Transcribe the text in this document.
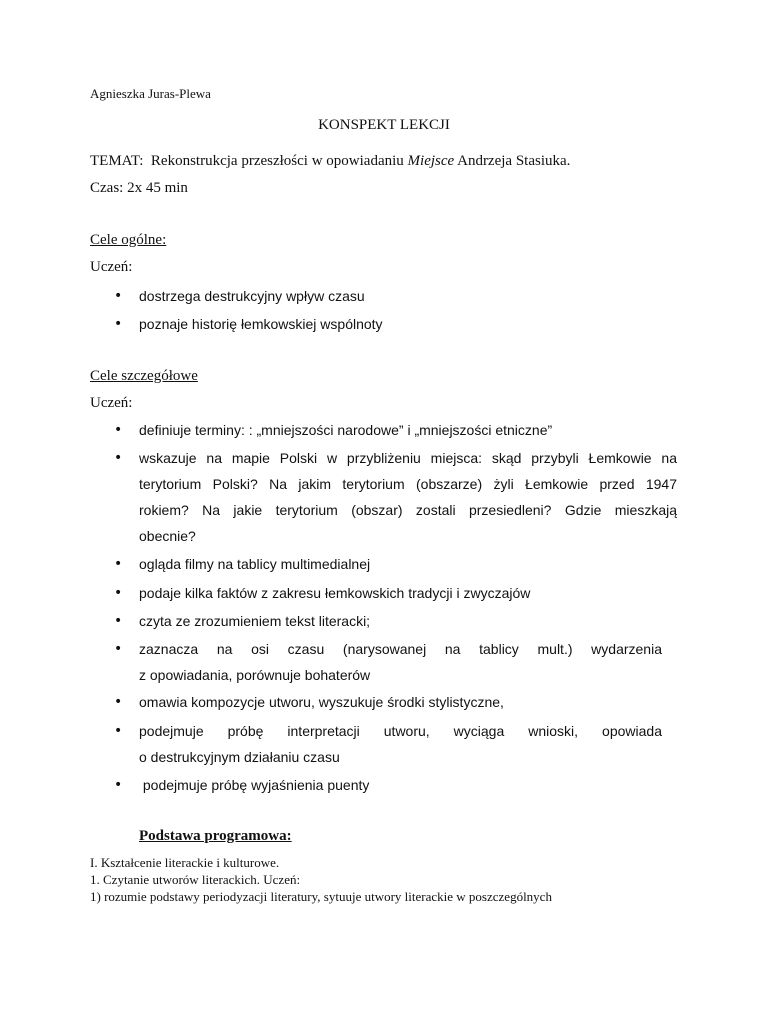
Agnieszka Juras-Plewa
KONSPEKT LEKCJI
TEMAT: Rekonstrukcja przeszłości w opowiadaniu Miejsce Andrzeja Stasiuka.
Czas: 2x 45 min
Cele ogólne:
Uczeń:
• dostrzega destrukcyjny wpływ czasu
• poznaje historię łemkowskiej wspólnoty
Cele szczegółowe
Uczeń:
• definiuje terminy: : „mniejszości narodowe” i „mniejszości etniczne”
• wskazuje na mapie Polski w przybliżeniu miejsca: skąd przybyli Łemkowie na
terytorium Polski? Na jakim terytorium (obszarze) żyli Łemkowie przed 1947
rokiem? Na jakie terytorium (obszar) zostali przesiedleni? Gdzie mieszkają
obecnie?
• ogląda filmy na tablicy multimedialnej
• podaje kilka faktów z zakresu łemkowskich tradycji i zwyczajów
• czyta ze zrozumieniem tekst literacki;
• zaznacza na osi czasu (narysowanej na tablicy mult.) wydarzenia
z opowiadania, porównuje bohaterów
• omawia kompozycje utworu, wyszukuje środki stylistyczne,
• podejmuje próbę interpretacji utworu, wyciąga wnioski, opowiada
o destrukcyjnym działaniu czasu
• podejmuje próbę wyjaśnienia puenty
Podstawa programowa:
I. Kształcenie literackie i kulturowe.
1. Czytanie utworów literackich. Uczeń:
1) rozumie podstawy periodyzacji literatury, sytuuje utwory literackie w poszczególnych
